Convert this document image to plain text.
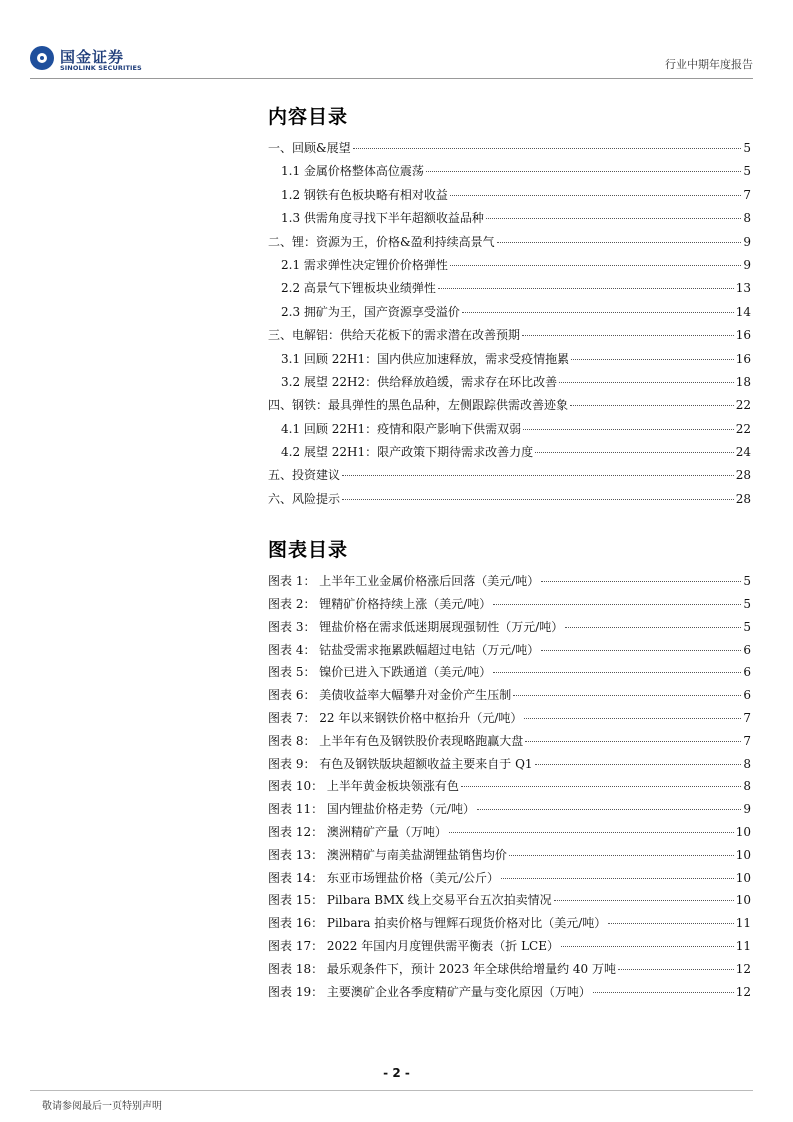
国金证券
SINOLINK SECURITIES	行业中期年度报告
内容目录
一、回顾&展望	5
1.1 金属价格整体高位震荡	5
1.2 钢铁有色板块略有相对收益	7
1.3 供需角度寻找下半年超额收益品种	8
二、锂：资源为王，价格&盈利持续高景气	9
2.1 需求弹性决定锂价价格弹性	9
2.2 高景气下锂板块业绩弹性	13
2.3 拥矿为王，国产资源享受溢价	14
三、电解铝：供给天花板下的需求潜在改善预期	16
3.1 回顾 22H1：国内供应加速释放，需求受疫情拖累	16
3.2 展望 22H2：供给释放趋缓，需求存在环比改善	18
四、钢铁：最具弹性的黑色品种，左侧跟踪供需改善迹象	22
4.1 回顾 22H1：疫情和限产影响下供需双弱	22
4.2 展望 22H1：限产政策下期待需求改善力度	24
五、投资建议	28
六、风险提示	28
图表目录
图表 1： 上半年工业金属价格涨后回落（美元/吨）	5
图表 2： 锂精矿价格持续上涨（美元/吨）	5
图表 3： 锂盐价格在需求低迷期展现强韧性（万元/吨）	5
图表 4： 钴盐受需求拖累跌幅超过电钴（万元/吨）	6
图表 5： 镍价已进入下跌通道（美元/吨）	6
图表 6： 美债收益率大幅攀升对金价产生压制	6
图表 7： 22 年以来钢铁价格中枢抬升（元/吨）	7
图表 8： 上半年有色及钢铁股价表现略跑赢大盘	7
图表 9： 有色及钢铁版块超额收益主要来自于 Q1	8
图表 10： 上半年黄金板块领涨有色	8
图表 11： 国内锂盐价格走势（元/吨）	9
图表 12： 澳洲精矿产量（万吨）	10
图表 13： 澳洲精矿与南美盐湖锂盐销售均价	10
图表 14： 东亚市场锂盐价格（美元/公斤）	10
图表 15： Pilbara BMX 线上交易平台五次拍卖情况	10
图表 16： Pilbara 拍卖价格与锂辉石现货价格对比（美元/吨）	11
图表 17： 2022 年国内月度锂供需平衡表（折 LCE）	11
图表 18： 最乐观条件下，预计 2023 年全球供给增量约 40 万吨	12
图表 19： 主要澳矿企业各季度精矿产量与变化原因（万吨）	12
- 2 -
敬请参阅最后一页特别声明
